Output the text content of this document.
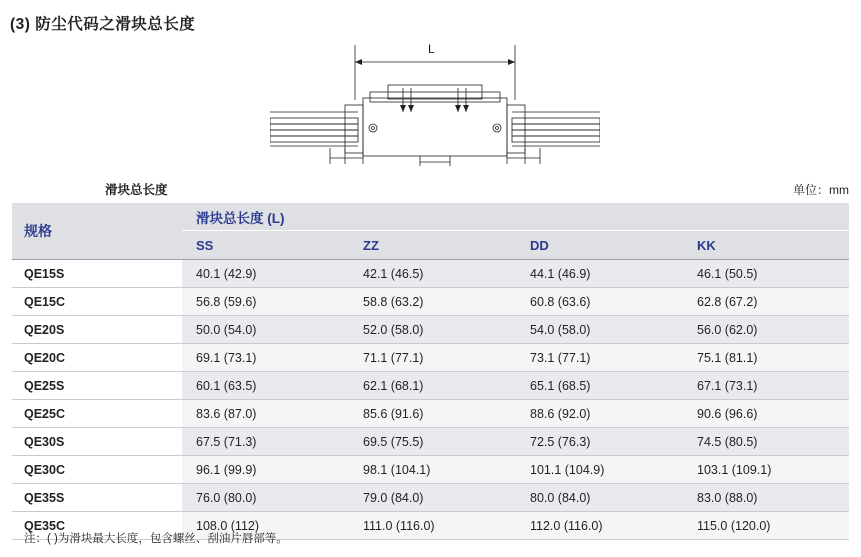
(3) 防尘代码之滑块总长度
L
滑块总长度	单位：mm
规格	滑块总长度 (L)			
	SS	ZZ	DD	KK
QE15S	40.1 (42.9)	42.1 (46.5)	44.1 (46.9)	46.1 (50.5)
QE15C	56.8 (59.6)	58.8 (63.2)	60.8 (63.6)	62.8 (67.2)
QE20S	50.0 (54.0)	52.0 (58.0)	54.0 (58.0)	56.0 (62.0)
QE20C	69.1 (73.1)	71.1 (77.1)	73.1 (77.1)	75.1 (81.1)
QE25S	60.1 (63.5)	62.1 (68.1)	65.1 (68.5)	67.1 (73.1)
QE25C	83.6 (87.0)	85.6 (91.6)	88.6 (92.0)	90.6 (96.6)
QE30S	67.5 (71.3)	69.5 (75.5)	72.5 (76.3)	74.5 (80.5)
QE30C	96.1 (99.9)	98.1 (104.1)	101.1 (104.9)	103.1 (109.1)
QE35S	76.0 (80.0)	79.0 (84.0)	80.0 (84.0)	83.0 (88.0)
QE35C	108.0 (112)	111.0 (116.0)	112.0 (116.0)	115.0 (120.0)
注：( )为滑块最大长度，包含螺丝、刮油片唇部等。
